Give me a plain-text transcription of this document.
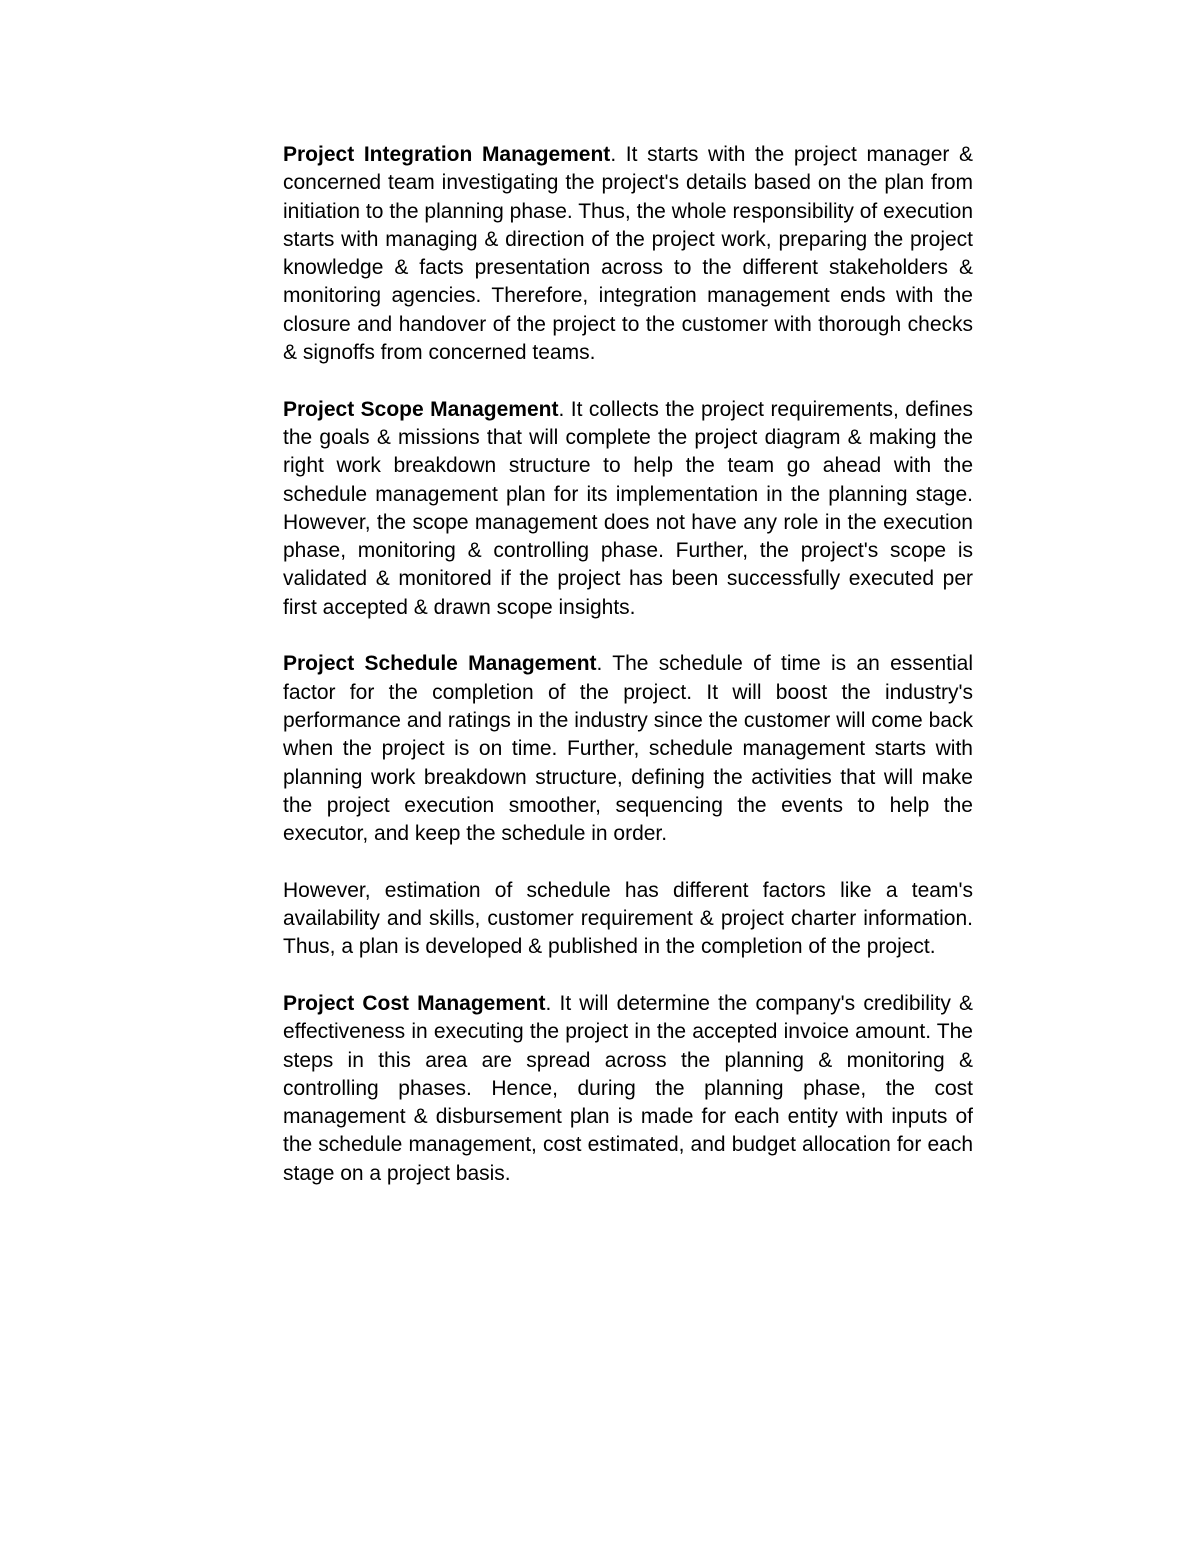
Project Integration Management. It starts with the project manager & concerned team investigating the project's details based on the plan from initiation to the planning phase. Thus, the whole responsibility of execution starts with managing & direction of the project work, preparing the project knowledge & facts presentation across to the different stakeholders & monitoring agencies. Therefore, integration management ends with the closure and handover of the project to the customer with thorough checks & signoffs from concerned teams.

Project Scope Management. It collects the project requirements, defines the goals & missions that will complete the project diagram & making the right work breakdown structure to help the team go ahead with the schedule management plan for its implementation in the planning stage. However, the scope management does not have any role in the execution phase, monitoring & controlling phase. Further, the project's scope is validated & monitored if the project has been successfully executed per first accepted & drawn scope insights.

Project Schedule Management. The schedule of time is an essential factor for the completion of the project. It will boost the industry's performance and ratings in the industry since the customer will come back when the project is on time. Further, schedule management starts with planning work breakdown structure, defining the activities that will make the project execution smoother, sequencing the events to help the executor, and keep the schedule in order.

However, estimation of schedule has different factors like a team's availability and skills, customer requirement & project charter information. Thus, a plan is developed & published in the completion of the project.

Project Cost Management. It will determine the company's credibility & effectiveness in executing the project in the accepted invoice amount. The steps in this area are spread across the planning & monitoring & controlling phases. Hence, during the planning phase, the cost management & disbursement plan is made for each entity with inputs of the schedule management, cost estimated, and budget allocation for each stage on a project basis.
